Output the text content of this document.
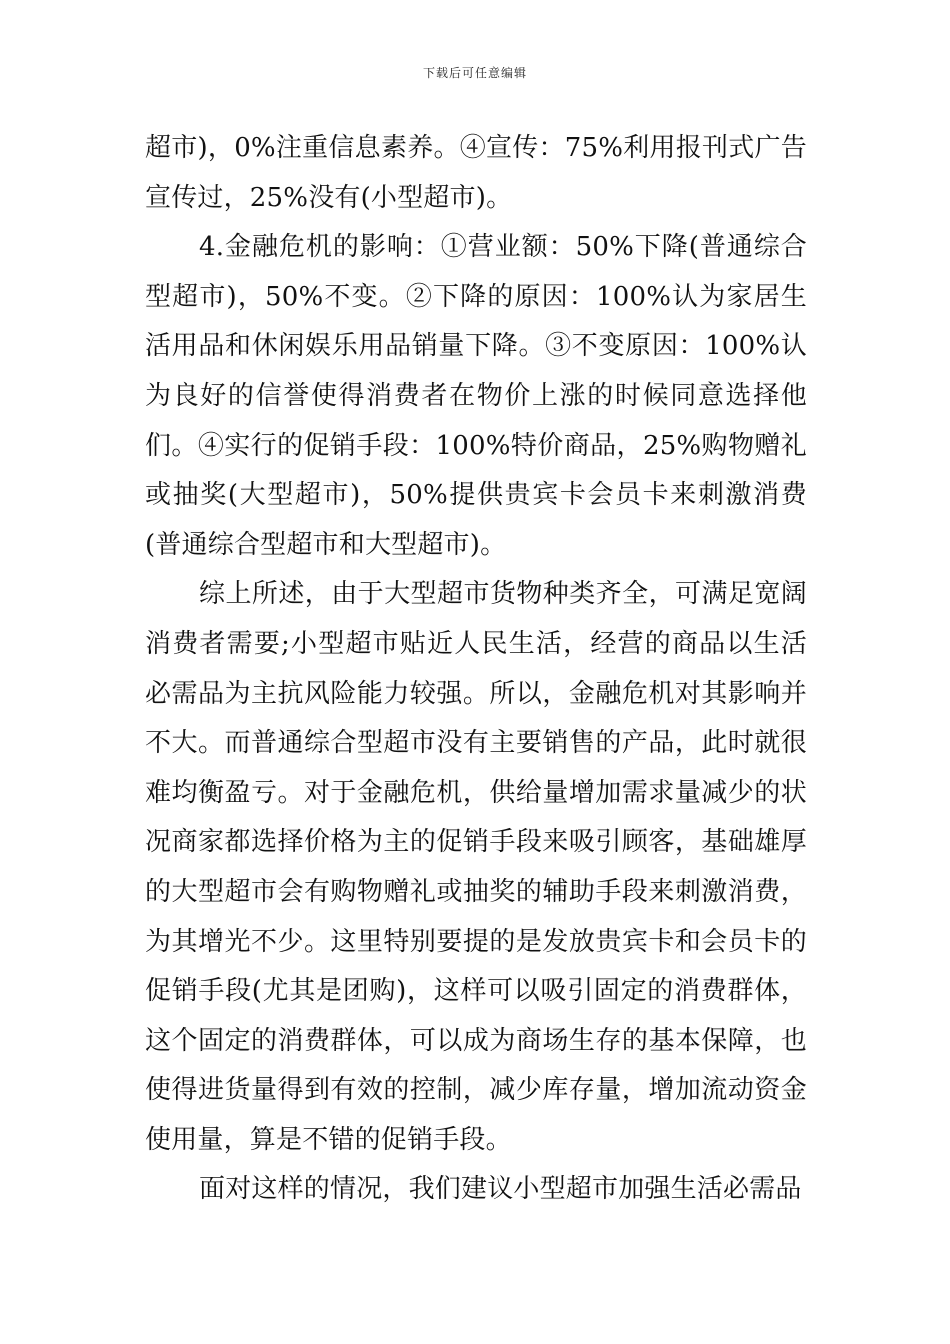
下载后可任意编辑

超市)，0%注重信息素养。④宣传：75%利用报刊式广告宣传过，25%没有(小型超市)。

4.金融危机的影响：①营业额：50%下降(普通综合型超市)，50%不变。②下降的原因：100%认为家居生活用品和休闲娱乐用品销量下降。③不变原因：100%认为良好的信誉使得消费者在物价上涨的时候同意选择他们。④实行的促销手段：100%特价商品，25%购物赠礼或抽奖(大型超市)，50%提供贵宾卡会员卡来刺激消费(普通综合型超市和大型超市)。

综上所述，由于大型超市货物种类齐全，可满足宽阔消费者需要;小型超市贴近人民生活，经营的商品以生活必需品为主抗风险能力较强。所以，金融危机对其影响并不大。而普通综合型超市没有主要销售的产品，此时就很难均衡盈亏。对于金融危机，供给量增加需求量减少的状况商家都选择价格为主的促销手段来吸引顾客，基础雄厚的大型超市会有购物赠礼或抽奖的辅助手段来刺激消费，为其增光不少。这里特别要提的是发放贵宾卡和会员卡的促销手段(尤其是团购)，这样可以吸引固定的消费群体，这个固定的消费群体，可以成为商场生存的基本保障，也使得进货量得到有效的控制，减少库存量，增加流动资金使用量，算是不错的促销手段。

面对这样的情况，我们建议小型超市加强生活必需品
